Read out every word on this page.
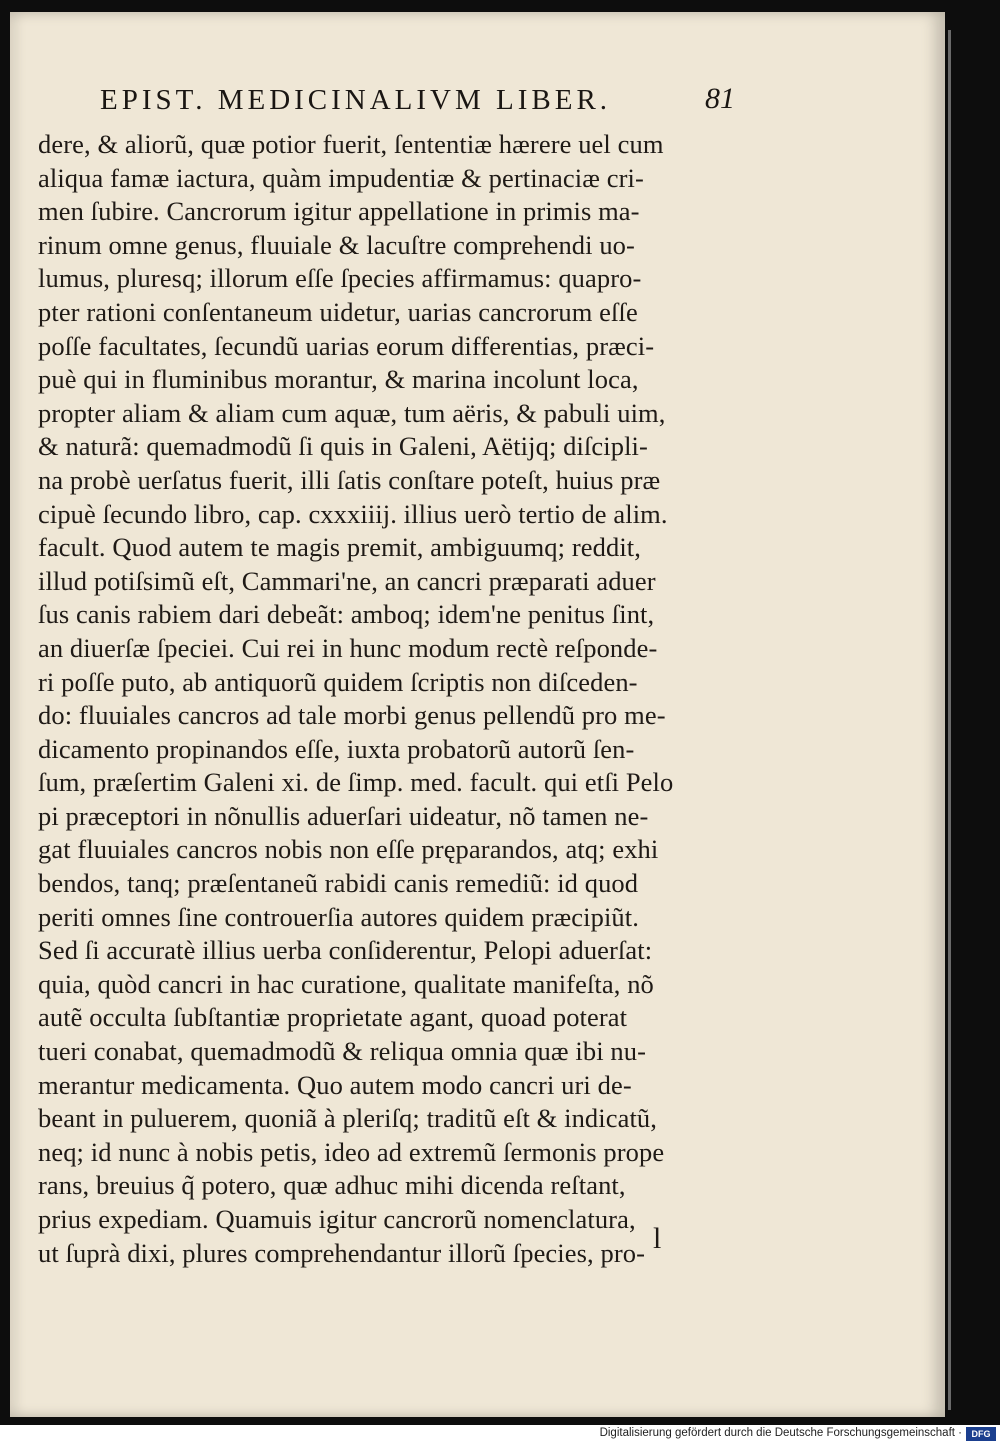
EPIST. MEDICINALIVM LIBER.	81
dere, & aliorũ, quæ potior fuerit, ſententiæ hærere uel cum
aliqua famæ iactura, quàm impudentiæ & pertinaciæ cri-
men ſubire. Cancrorum igitur appellatione in primis ma-
rinum omne genus, fluuiale & lacuſtre comprehendi uo-
lumus, pluresq; illorum eſſe ſpecies affirmamus: quapro-
pter rationi conſentaneum uidetur, uarias cancrorum eſſe
poſſe facultates, ſecundũ uarias eorum differentias, præci-
puè qui in fluminibus morantur, & marina incolunt loca,
propter aliam & aliam cum aquæ, tum aëris, & pabuli uim,
& naturã: quemadmodũ ſi quis in Galeni, Aëtijq; diſcipli-
na probè uerſatus fuerit, illi ſatis conſtare poteſt, huius præ
cipuè ſecundo libro, cap. cxxxiiij. illius uerò tertio de alim.
facult. Quod autem te magis premit, ambiguumq; reddit,
illud potiſsimũ eſt, Cammari'ne, an cancri præparati aduer
ſus canis rabiem dari debeãt: amboq; idem'ne penitus ſint,
an diuerſæ ſpeciei. Cui rei in hunc modum rectè reſponde-
ri poſſe puto, ab antiquorũ quidem ſcriptis non diſceden-
do: fluuiales cancros ad tale morbi genus pellendũ pro me-
dicamento propinandos eſſe, iuxta probatorũ autorũ ſen-
ſum, præſertim Galeni xi. de ſimp. med. facult. qui etſi Pelo
pi præceptori in nõnullis aduerſari uideatur, nõ tamen ne-
gat fluuiales cancros nobis non eſſe pręparandos, atq; exhi
bendos, tanq; præſentaneũ rabidi canis remediũ: id quod
periti omnes ſine controuerſia autores quidem præcipiũt.
Sed ſi accuratè illius uerba conſiderentur, Pelopi aduerſat:
quia, quòd cancri in hac curatione, qualitate manifeſta, nõ
autẽ occulta ſubſtantiæ proprietate agant, quoad poterat
tueri conabat, quemadmodũ & reliqua omnia quæ ibi nu-
merantur medicamenta. Quo autem modo cancri uri de-
beant in puluerem, quoniã à pleriſq; traditũ eſt & indicatũ,
neq; id nunc à nobis petis, ideo ad extremũ ſermonis prope
rans, breuius q̃ potero, quæ adhuc mihi dicenda reſtant,
prius expediam. Quamuis igitur cancrorũ nomenclatura,
ut ſuprà dixi, plures comprehendantur illorũ ſpecies, pro- l
Digitalisierung gefördert durch die Deutsche Forschungsgemeinschaft ·	DFG
